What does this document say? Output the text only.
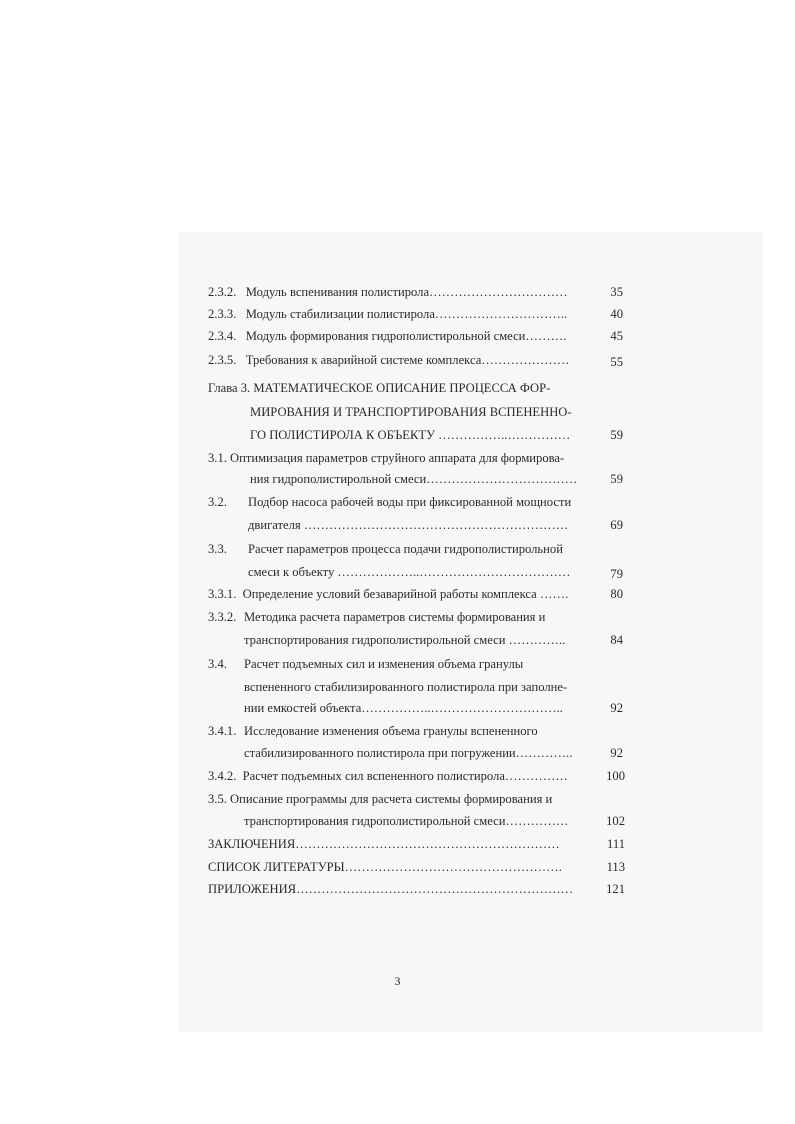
2.3.2. Модуль вспенивания полистирола……………………………	35
2.3.3. Модуль стабилизации полистирола…………………………..	40
2.3.4. Модуль формирования гидрополистирольной смеси……….	45
2.3.5. Требования к аварийной системе комплекса…………………	55
Глава 3. МАТЕМАТИЧЕСКОЕ ОПИСАНИЕ ПРОЦЕССА ФОР-
МИРОВАНИЯ И ТРАНСПОРТИРОВАНИЯ ВСПЕНЕННО-
ГО ПОЛИСТИРОЛА К ОБЪЕКТУ ……………..……………	59
3.1. Оптимизация параметров струйного аппарата для формирова-
ния гидрополистирольной смеси………………………………	59
3.2. Подбор насоса рабочей воды при фиксированной мощности
двигателя ………………………………………………………	69
3.3. Расчет параметров процесса подачи гидрополистирольной
смеси к объекту ………………..………………………………	79
3.3.1. Определение условий безаварийной работы комплекса …….	80
3.3.2. Методика расчета параметров системы формирования и
транспортирования гидрополистирольной смеси …………..	84
3.4. Расчет подъемных сил и изменения объема гранулы
вспененного стабилизированного полистирола при заполне-
нии емкостей объекта……………..…………………………..	92
3.4.1. Исследование изменения объема гранулы вспененного
стабилизированного полистирола при погружении…………..	92
3.4.2. Расчет подъемных сил вспененного полистирола……………	100
3.5. Описание программы для расчета системы формирования и
транспортирования гидрополистирольной смеси……………	102
ЗАКЛЮЧЕНИЯ………………………………………………………	111
СПИСОК ЛИТЕРАТУРЫ…………………………………………….	113
ПРИЛОЖЕНИЯ…………………………………………………………	121
3
